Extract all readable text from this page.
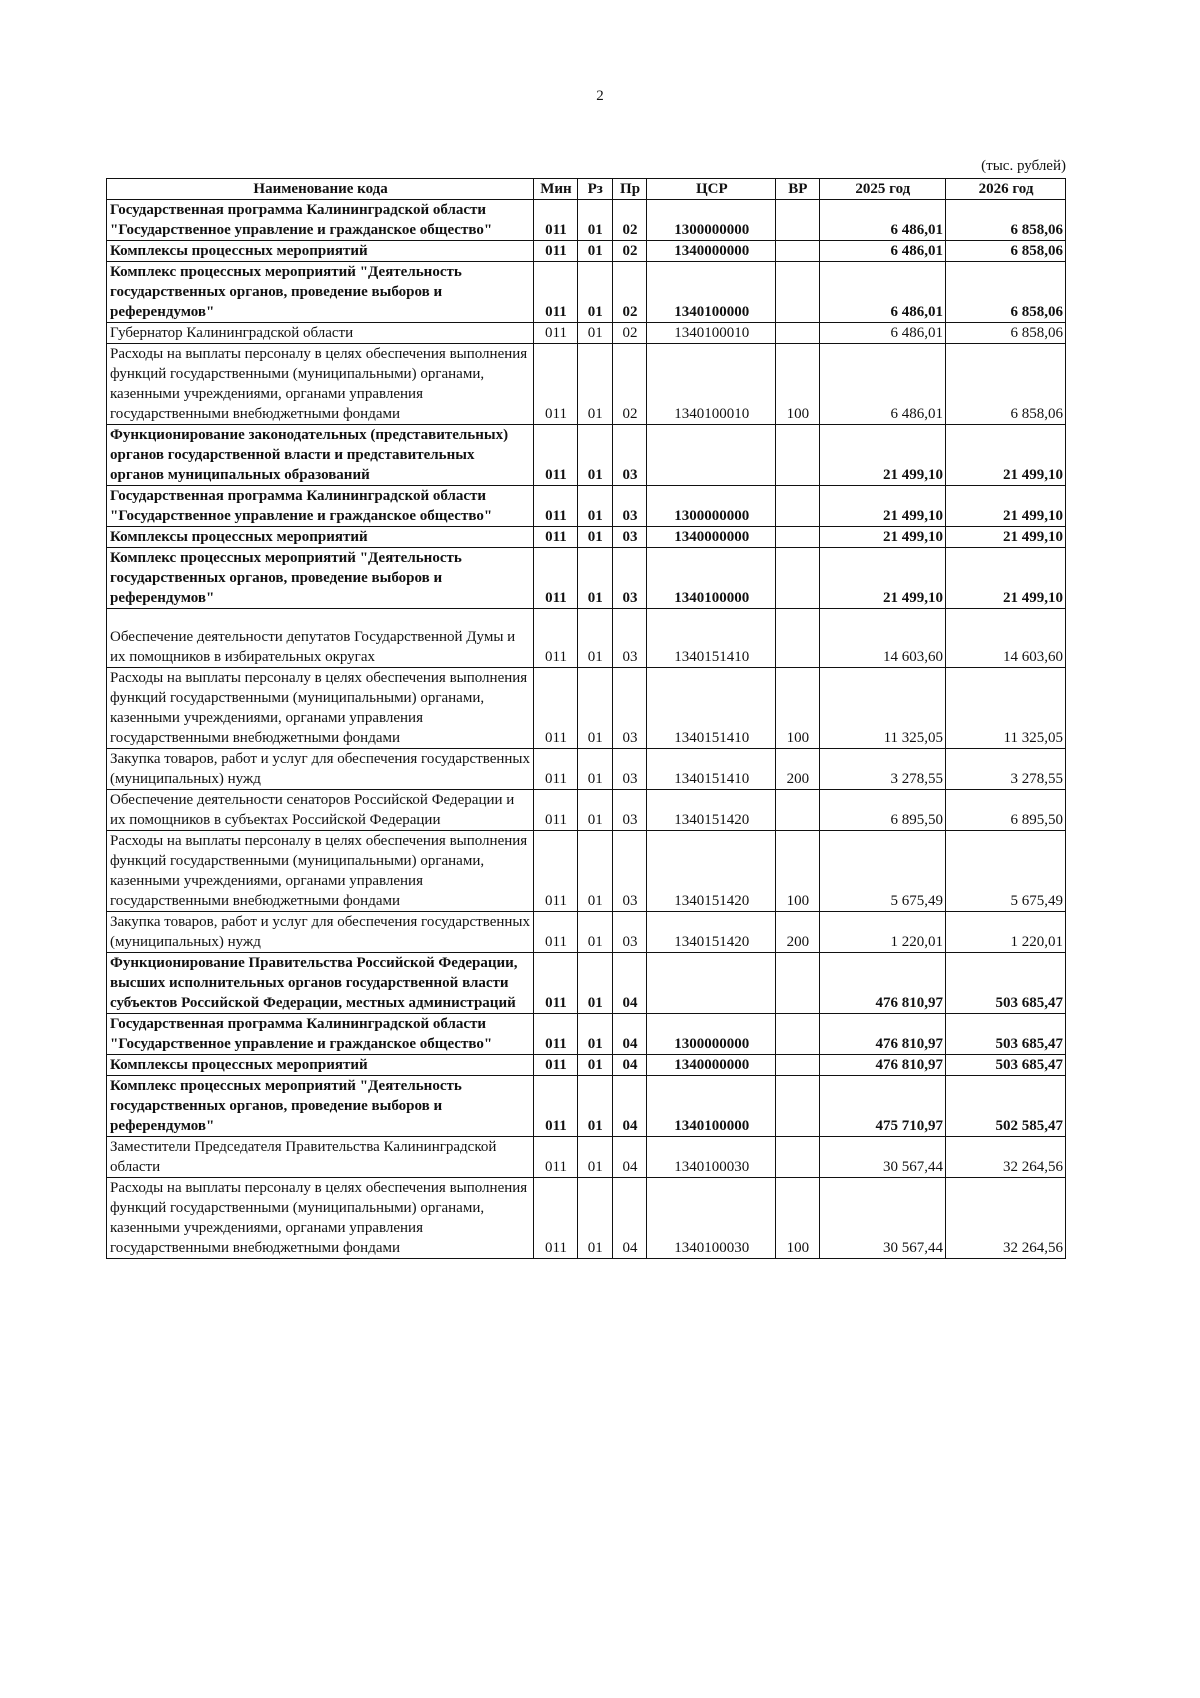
2
(тыс. рублей)
Наименование кода	Мин	Рз	Пр	ЦСР	ВР	2025 год	2026 год
Государственная программа Калининградской области "Государственное управление и гражданское общество"	011	01	02	1300000000		6 486,01	6 858,06
Комплексы процессных мероприятий	011	01	02	1340000000		6 486,01	6 858,06
Комплекс процессных мероприятий "Деятельность государственных органов, проведение выборов и референдумов"	011	01	02	1340100000		6 486,01	6 858,06
Губернатор Калининградской области	011	01	02	1340100010		6 486,01	6 858,06
Расходы на выплаты персоналу в целях обеспечения выполнения функций государственными (муниципальными) органами, казенными учреждениями, органами управления государственными внебюджетными фондами	011	01	02	1340100010	100	6 486,01	6 858,06
Функционирование законодательных (представительных) органов государственной власти и представительных органов муниципальных образований	011	01	03			21 499,10	21 499,10
Государственная программа Калининградской области "Государственное управление и гражданское общество"	011	01	03	1300000000		21 499,10	21 499,10
Комплексы процессных мероприятий	011	01	03	1340000000		21 499,10	21 499,10
Комплекс процессных мероприятий "Деятельность государственных органов, проведение выборов и референдумов"	011	01	03	1340100000		21 499,10	21 499,10
Обеспечение деятельности депутатов Государственной Думы и их помощников в избирательных округах	011	01	03	1340151410		14 603,60	14 603,60
Расходы на выплаты персоналу в целях обеспечения выполнения функций государственными (муниципальными) органами, казенными учреждениями, органами управления государственными внебюджетными фондами	011	01	03	1340151410	100	11 325,05	11 325,05
Закупка товаров, работ и услуг для обеспечения государственных (муниципальных) нужд	011	01	03	1340151410	200	3 278,55	3 278,55
Обеспечение деятельности сенаторов Российской Федерации и их помощников в субъектах Российской Федерации	011	01	03	1340151420		6 895,50	6 895,50
Расходы на выплаты персоналу в целях обеспечения выполнения функций государственными (муниципальными) органами, казенными учреждениями, органами управления государственными внебюджетными фондами	011	01	03	1340151420	100	5 675,49	5 675,49
Закупка товаров, работ и услуг для обеспечения государственных (муниципальных) нужд	011	01	03	1340151420	200	1 220,01	1 220,01
Функционирование Правительства Российской Федерации, высших исполнительных органов государственной власти субъектов Российской Федерации, местных администраций	011	01	04			476 810,97	503 685,47
Государственная программа Калининградской области "Государственное управление и гражданское общество"	011	01	04	1300000000		476 810,97	503 685,47
Комплексы процессных мероприятий	011	01	04	1340000000		476 810,97	503 685,47
Комплекс процессных мероприятий "Деятельность государственных органов, проведение выборов и референдумов"	011	01	04	1340100000		475 710,97	502 585,47
Заместители Председателя Правительства Калининградской области	011	01	04	1340100030		30 567,44	32 264,56
Расходы на выплаты персоналу в целях обеспечения выполнения функций государственными (муниципальными) органами, казенными учреждениями, органами управления государственными внебюджетными фондами	011	01	04	1340100030	100	30 567,44	32 264,56
